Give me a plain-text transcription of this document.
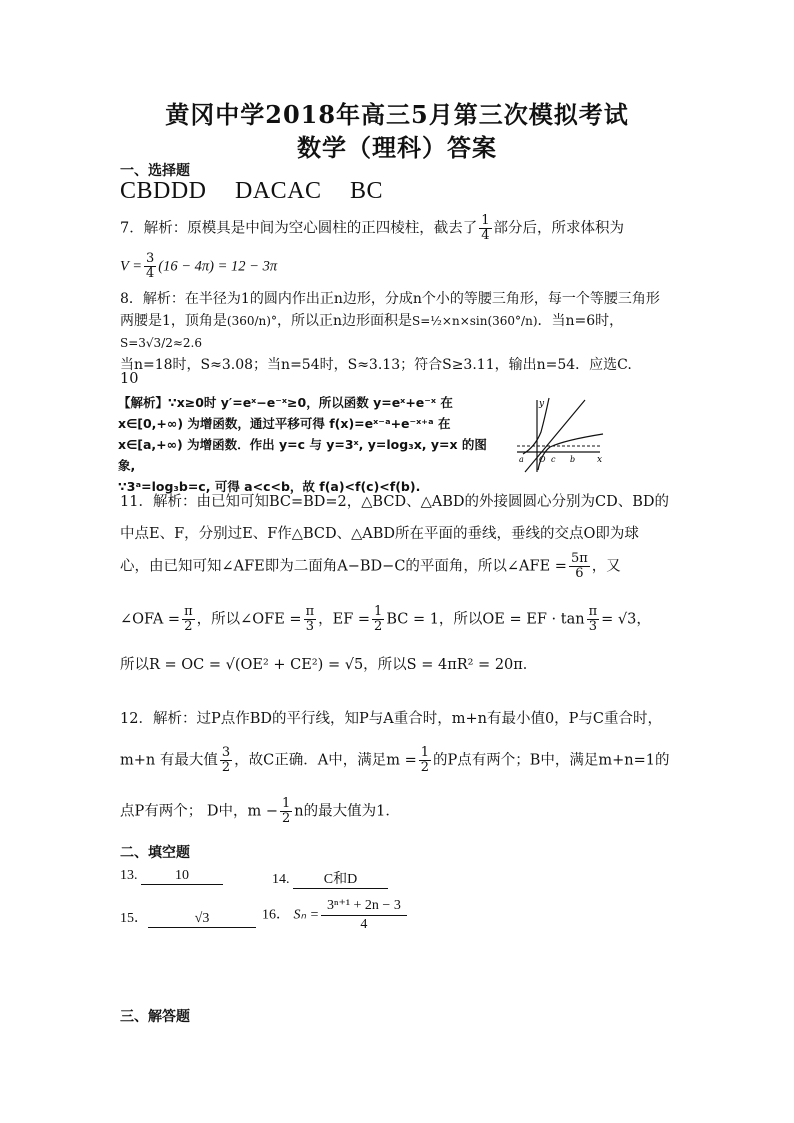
黄冈中学2018年高三5月第三次模拟考试
数学（理科）答案
一、选择题
CBDDD DACAC BC
7．解析：原模具是中间为空心圆柱的正四棱柱，截去了 $\frac{1}{4}$ 部分后，所求体积为
$V = \frac{3}{4} (16 - 4\pi) = 12 - 3\pi$
8．解析：在半径为1的圆内作出正n边形，分成n个小的等腰三角形，每一个等腰三角形
两腰是1，顶角是(360/n)°，所以正n边形面积是S=½×n×sin(360°/n)．当n=6时，S=3√3/2≈2.6
当n=18时，S≈3.08；当n=54时，S≈3.13；符合S≥3.11，输出n=54．应选C.
10
【解析】∵x≥0时 y′=eˣ−e⁻ˣ≥0，所以函数 y=eˣ+e⁻ˣ 在
x∈[0,+∞) 为增函数，通过平移可得 f(x)=eˣ⁻ᵃ+e⁻ˣ⁺ᵃ 在
x∈[a,+∞) 为增函数．作出 y=c 与 y=3ˣ, y=log₃x, y=x 的图象,
∵3ᵃ=log₃b=c, 可得 a<c<b，故 f(a)<f(c)<f(b).
y
x
a O c b
11．解析：由已知可知BC=BD=2，△BCD、△ABD的外接圆圆心分别为CD、BD的
中点E、F，分别过E、F作△BCD、△ABD所在平面的垂线，垂线的交点O即为球
心，由已知可知∠AFE即为二面角A−BD−C的平面角，所以∠AFE = $\frac{5\pi}{6}$ ，又
∠OFA = $\frac{\pi}{2}$ ，所以∠OFE = $\frac{\pi}{3}$ ，EF = $\frac{1}{2}$ BC = 1，所以OE = EF · $\tan \frac{\pi}{3} = √3$，
所以R = OC = √(OE² + CE²) = √5，所以S = 4πR² = 20π．
12．解析：过P点作BD的平行线，知P与A重合时，m+n有最小值0，P与C重合时，
m+n 有最大值 $\frac{3}{2}$ ，故C正确．A中，满足$m = \frac{1}{2}$ 的P点有两个；B中，满足m+n=1的
点P有两个； D中，$m - \frac{1}{2}$ n的最大值为1．
二、填空题
13.	10	14. C和D
15．	√3	16． $S_n = \frac{\text{3ⁿ⁺¹ + 2n − 3}}{4}$
三、解答题
